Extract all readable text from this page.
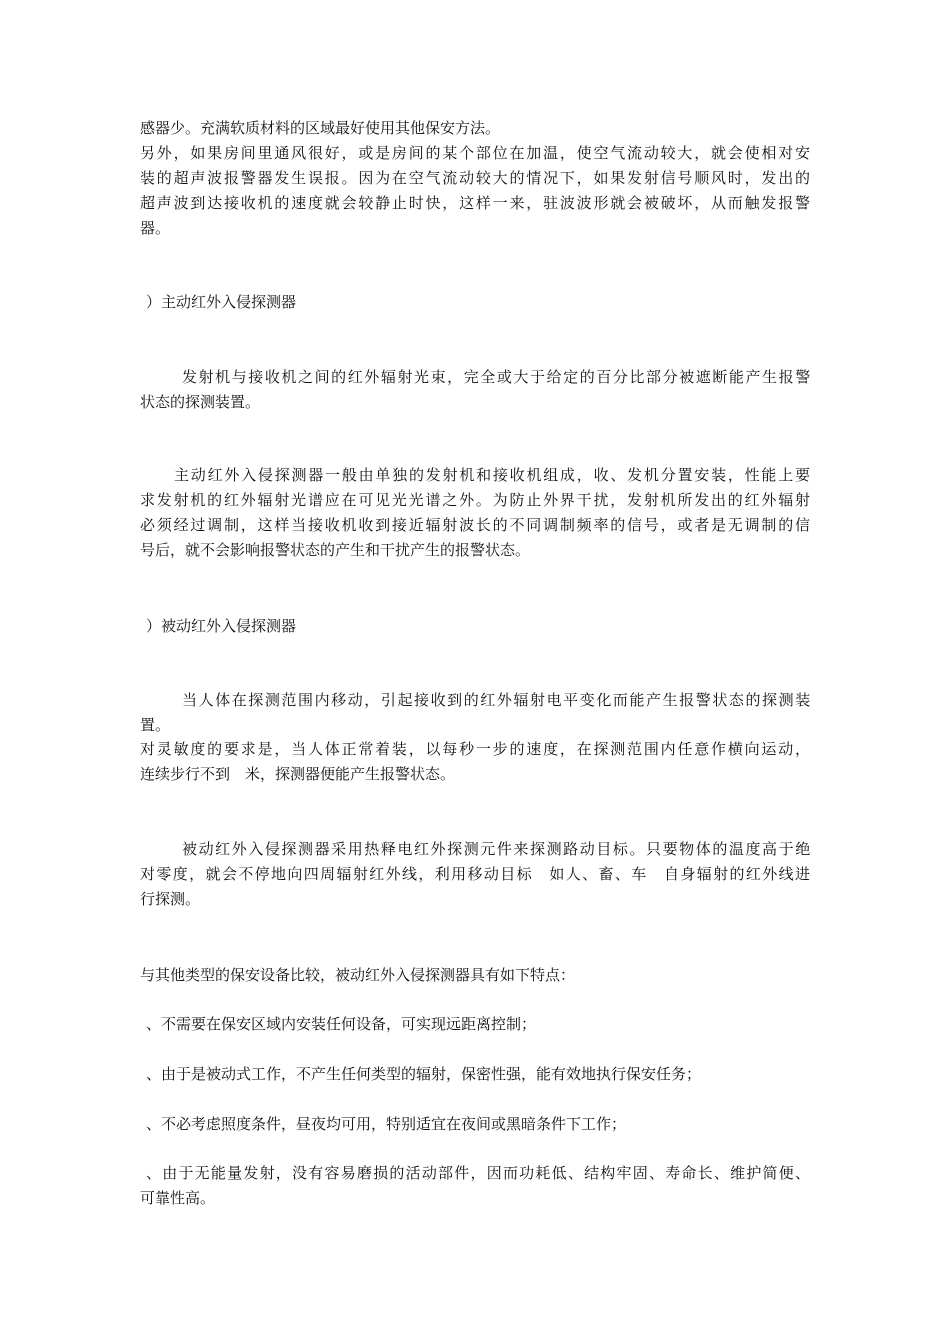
感器少。充满软质材料的区域最好使用其他保安方法。
另外，如果房间里通风很好，或是房间的某个部位在加温，使空气流动较大，就会使相对安
装的超声波报警器发生误报。因为在空气流动较大的情况下，如果发射信号顺风时，发出的
超声波到达接收机的速度就会较静止时快，这样一来，驻波波形就会被破坏，从而触发报警
器。
）主动红外入侵探测器
发射机与接收机之间的红外辐射光束，完全或大于给定的百分比部分被遮断能产生报警
状态的探测装置。
主动红外入侵探测器一般由单独的发射机和接收机组成，收、发机分置安装，性能上要
求发射机的红外辐射光谱应在可见光光谱之外。为防止外界干扰，发射机所发出的红外辐射
必须经过调制，这样当接收机收到接近辐射波长的不同调制频率的信号，或者是无调制的信
号后，就不会影响报警状态的产生和干扰产生的报警状态。
）被动红外入侵探测器
当人体在探测范围内移动，引起接收到的红外辐射电平变化而能产生报警状态的探测装
置。
对灵敏度的要求是，当人体正常着装，以每秒一步的速度，在探测范围内任意作横向运动，
连续步行不到　米，探测器便能产生报警状态。
被动红外入侵探测器采用热释电红外探测元件来探测路动目标。只要物体的温度高于绝
对零度，就会不停地向四周辐射红外线，利用移动目标　如人、畜、车　自身辐射的红外线进
行探测。
与其他类型的保安设备比较，被动红外入侵探测器具有如下特点：
、不需要在保安区域内安装任何设备，可实现远距离控制；
、由于是被动式工作，不产生任何类型的辐射，保密性强，能有效地执行保安任务；
、不必考虑照度条件，昼夜均可用，特别适宜在夜间或黑暗条件下工作；
、由于无能量发射，没有容易磨损的活动部件，因而功耗低、结构牢固、寿命长、维护简便、
可靠性高。
